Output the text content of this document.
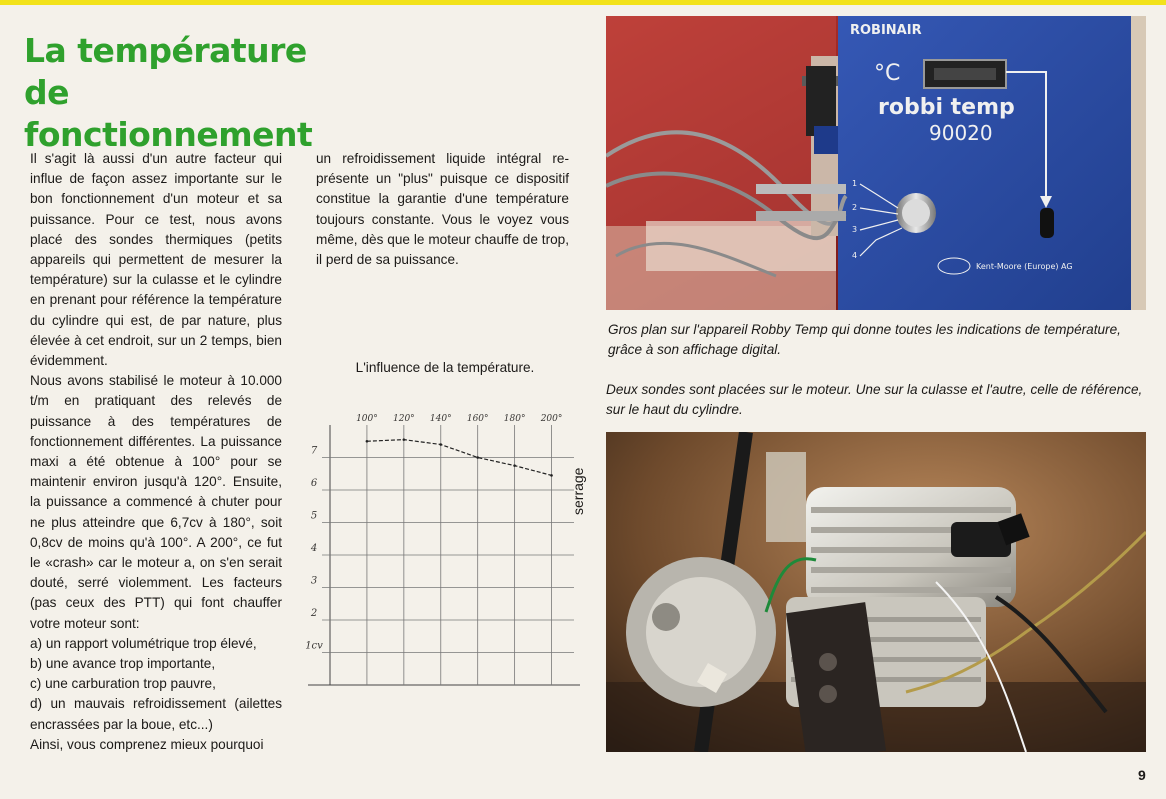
La température
de fonctionnement

Il s'agit là aussi d'un autre facteur qui influe de façon assez importante sur le bon fonctionnement d'un moteur et sa puissance. Pour ce test, nous avons placé des sondes thermiques (petits appareils qui permettent de mesurer la température) sur la culasse et le cylindre en prenant pour référence la température du cylindre qui est, de par nature, plus élevée à cet endroit, sur un 2 temps, bien évidemment.

Nous avons stabilisé le moteur à 10.000 t/m en pratiquant des relevés de puissance à des températures de fonctionnement différentes. La puissance maxi a été obtenue à 100° pour se maintenir environ jusqu'à 120°. Ensuite, la puissance a commencé à chuter pour ne plus atteindre que 6,7cv à 180°, soit 0,8cv de moins qu'à 100°. A 200°, ce fut le «crash» car le moteur a, on s'en serait douté, serré violemment. Les facteurs (pas ceux des PTT) qui font chauffer votre moteur sont:

a) un rapport volumétrique trop élevé,

b) une avance trop importante,

c) une carburation trop pauvre,

d) un mauvais refroidissement (ailettes encrassées par la boue, etc...)

Ainsi, vous comprenez mieux pourquoi

un refroidissement liquide intégral représente un "plus" puisque ce dispositif constitue la garantie d'une température toujours constante. Vous le voyez vous même, dès que le moteur chauffe de trop, il perd de sa puissance.

L'influence de la température.
100° 120° 140° 160° 180° 200°
1cv
2
3
4
5
6
7
serrage
ROBINAIR
°C
robbi temp
90020
1
2
3
4
Kent-Moore (Europe) AG
Gros plan sur l'appareil Robby Temp qui donne toutes les indications de température, grâce à son affichage digital.
Deux sondes sont placées sur le moteur. Une sur la culasse et l'autre, celle de référence, sur le haut du cylindre.
9
